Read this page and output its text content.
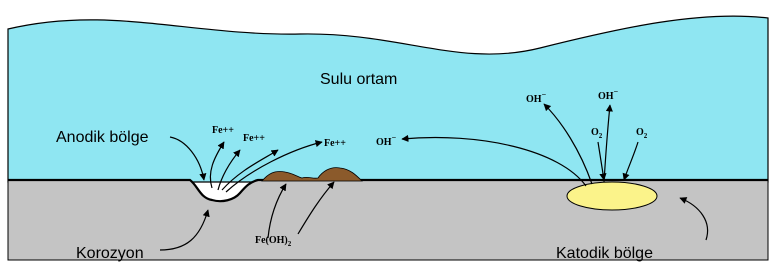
Sulu ortam
Anodik bölge
Korozyon	Katodik bölge
Fe++
Fe++	Fe++	OH−
OH−	OH−
$O_2$	$O_2$
$Fe(OH)_2$
